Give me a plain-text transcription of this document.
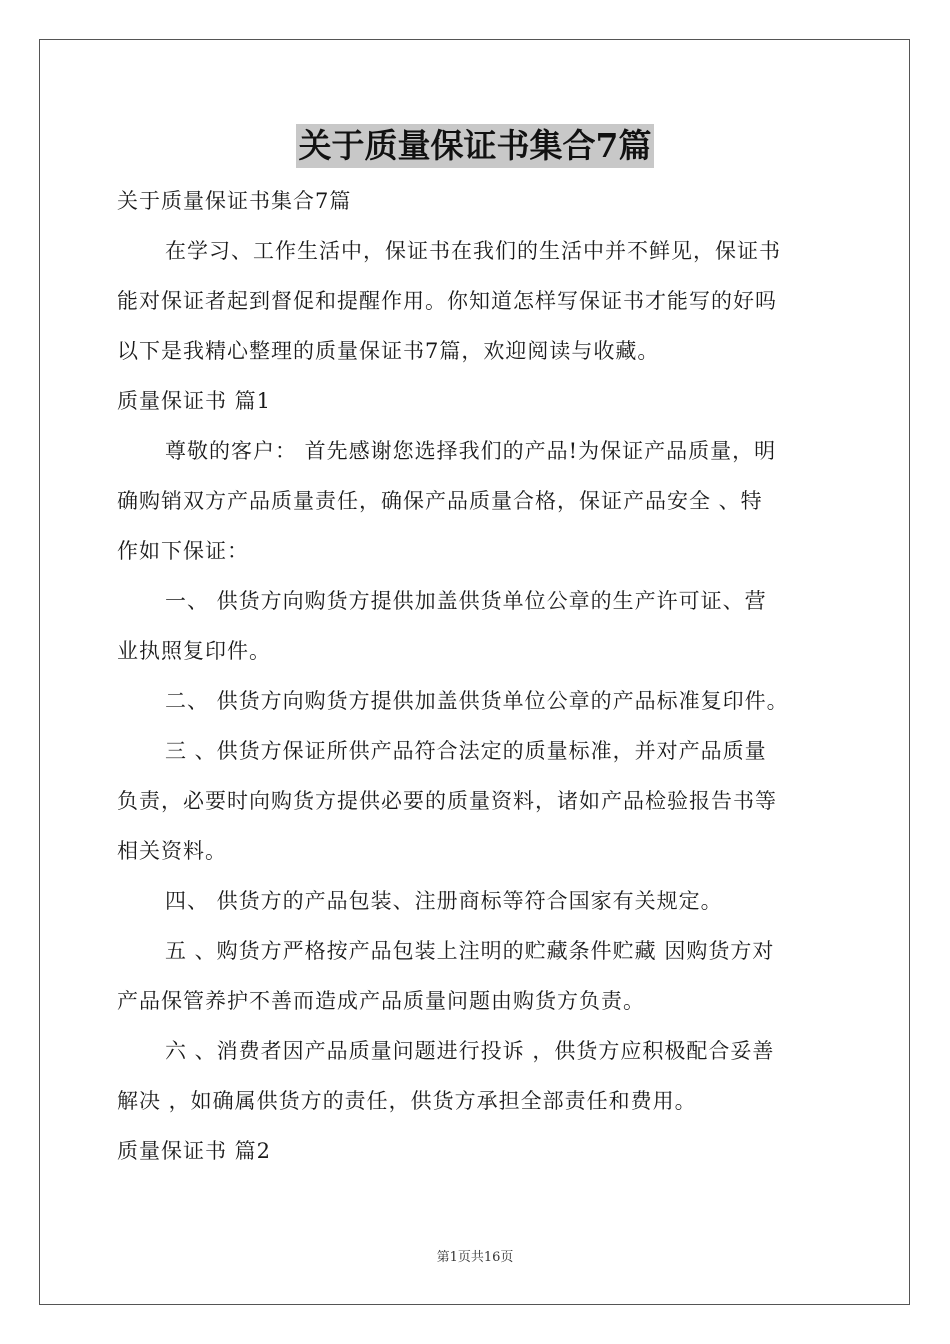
关于质量保证书集合7篇
关于质量保证书集合7篇
在学习、工作生活中，保证书在我们的生活中并不鲜见，保证书
能对保证者起到督促和提醒作用。你知道怎样写保证书才能写的好吗
以下是我精心整理的质量保证书7篇，欢迎阅读与收藏。
质量保证书 篇1
尊敬的客户： 首先感谢您选择我们的产品!为保证产品质量，明
确购销双方产品质量责任，确保产品质量合格，保证产品安全 、特
作如下保证：
一、 供货方向购货方提供加盖供货单位公章的生产许可证、营
业执照复印件。
二、 供货方向购货方提供加盖供货单位公章的产品标准复印件。
三 、供货方保证所供产品符合法定的质量标准，并对产品质量
负责，必要时向购货方提供必要的质量资料，诸如产品检验报告书等
相关资料。
四、 供货方的产品包装、注册商标等符合国家有关规定。
五 、购货方严格按产品包装上注明的贮藏条件贮藏 因购货方对
产品保管养护不善而造成产品质量问题由购货方负责。
六 、消费者因产品质量问题进行投诉 ，供货方应积极配合妥善
解决 ，如确属供货方的责任，供货方承担全部责任和费用。
质量保证书 篇2
第1页共16页
